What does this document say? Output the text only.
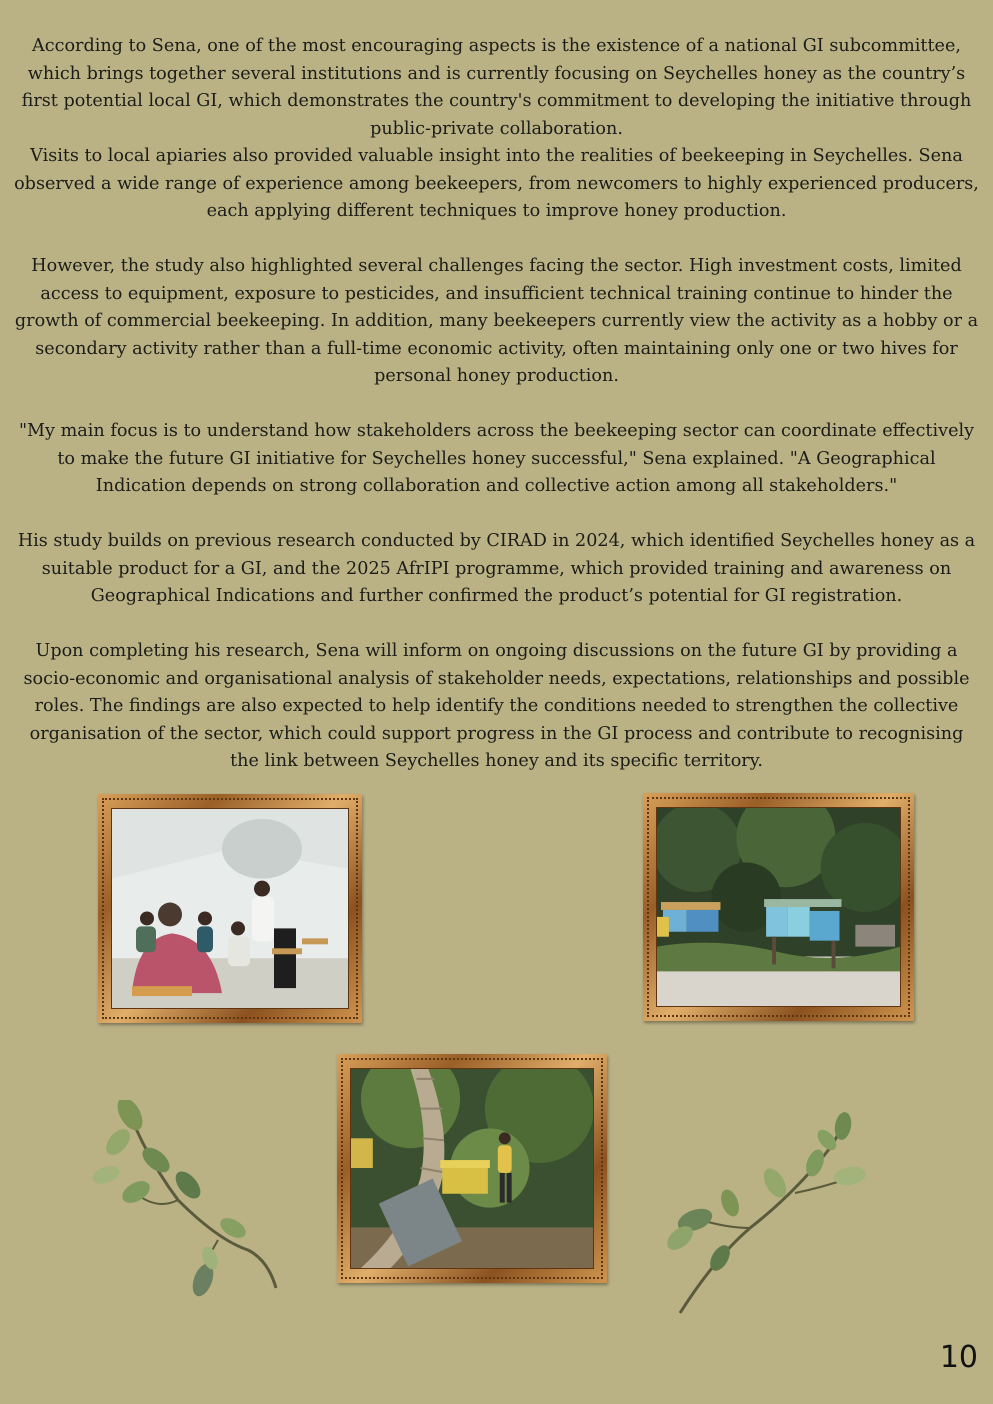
According to Sena, one of the most encouraging aspects is the existence of a national GI subcommittee, which brings together several institutions and is currently focusing on Seychelles honey as the country’s first potential local GI, which demonstrates the country's commitment to developing the initiative through public-private collaboration.

Visits to local apiaries also provided valuable insight into the realities of beekeeping in Seychelles. Sena observed a wide range of experience among beekeepers, from newcomers to highly experienced producers, each applying different techniques to improve honey production.

However, the study also highlighted several challenges facing the sector. High investment costs, limited access to equipment, exposure to pesticides, and insufficient technical training continue to hinder the growth of commercial beekeeping. In addition, many beekeepers currently view the activity as a hobby or a secondary activity rather than a full-time economic activity, often maintaining only one or two hives for personal honey production.

"My main focus is to understand how stakeholders across the beekeeping sector can coordinate effectively to make the future GI initiative for Seychelles honey successful," Sena explained. "A Geographical Indication depends on strong collaboration and collective action among all stakeholders."

His study builds on previous research conducted by CIRAD in 2024, which identified Seychelles honey as a suitable product for a GI, and the 2025 AfrIPI programme, which provided training and awareness on Geographical Indications and further confirmed the product’s potential for GI registration.

Upon completing his research, Sena will inform on ongoing discussions on the future GI by providing a socio-economic and organisational analysis of stakeholder needs, expectations, relationships and possible roles. The findings are also expected to help identify the conditions needed to strengthen the collective organisation of the sector, which could support progress in the GI process and contribute to recognising the link between Seychelles honey and its specific territory.

10
